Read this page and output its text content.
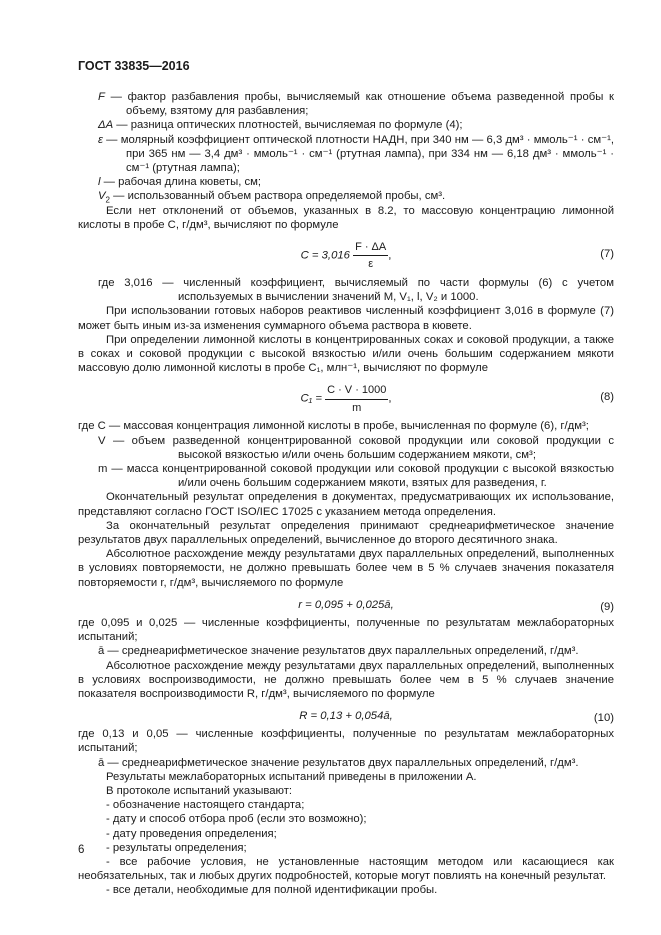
ГОСТ 33835—2016

F — фактор разбавления пробы, вычисляемый как отношение объема разведенной пробы к объему, взятому для разбавления;

ΔA — разница оптических плотностей, вычисляемая по формуле (4);

ε — молярный коэффициент оптической плотности НАДН, при 340 нм — 6,3 дм³ · ммоль⁻¹ · см⁻¹, при 365 нм — 3,4 дм³ · ммоль⁻¹ · см⁻¹ (ртутная лампа), при 334 нм — 6,18 дм³ · ммоль⁻¹ · см⁻¹ (ртутная лампа);

l — рабочая длина кюветы, см;

$V_2$ — использованный объем раствора определяемой пробы, см³.

Если нет отклонений от объемов, указанных в 8.2, то массовую концентрацию лимонной кислоты в пробе C, г/дм³, вычисляют по формуле

$C = 3,016 \frac{F \cdot \Delta A}{\varepsilon}$ ,	(7)

где 3,016 — численный коэффициент, вычисляемый по части формулы (6) с учетом используемых в вычислении значений M, V₁, l, V₂ и 1000.

При использовании готовых наборов реактивов численный коэффициент 3,016 в формуле (7) может быть иным из-за изменения суммарного объема раствора в кювете.

При определении лимонной кислоты в концентрированных соках и соковой продукции, а также в соках и соковой продукции с высокой вязкостью и/или очень большим содержанием мякоти массовую долю лимонной кислоты в пробе C₁, млн⁻¹, вычисляют по формуле

$C_1 = \frac{C \cdot V \cdot 1000}{m}$ ,	(8)

где C — массовая концентрация лимонной кислоты в пробе, вычисленная по формуле (6), г/дм³;

V — объем разведенной концентрированной соковой продукции или соковой продукции с высокой вязкостью и/или очень большим содержанием мякоти, см³;

m — масса концентрированной соковой продукции или соковой продукции с высокой вязкостью и/или очень большим содержанием мякоти, взятых для разведения, г.

Окончательный результат определения в документах, предусматривающих их использование, представляют согласно ГОСТ ISO/IEC 17025 с указанием метода определения.

За окончательный результат определения принимают среднеарифметическое значение результатов двух параллельных определений, вычисленное до второго десятичного знака.

Абсолютное расхождение между результатами двух параллельных определений, выполненных в условиях повторяемости, не должно превышать более чем в 5 % случаев значения показателя повторяемости r, г/дм³, вычисляемого по формуле

r = 0,095 + 0,025ā,	(9)

где 0,095 и 0,025 — численные коэффициенты, полученные по результатам межлабораторных испытаний;

ā — среднеарифметическое значение результатов двух параллельных определений, г/дм³.

Абсолютное расхождение между результатами двух параллельных определений, выполненных в условиях воспроизводимости, не должно превышать более чем в 5 % случаев значение показателя воспроизводимости R, г/дм³, вычисляемого по формуле

R = 0,13 + 0,054ā,	(10)

где 0,13 и 0,05 — численные коэффициенты, полученные по результатам межлабораторных испытаний;

ā — среднеарифметическое значение результатов двух параллельных определений, г/дм³.

Результаты межлабораторных испытаний приведены в приложении А.

В протоколе испытаний указывают:

- обозначение настоящего стандарта;

- дату и способ отбора проб (если это возможно);

- дату проведения определения;

- результаты определения;

- все рабочие условия, не установленные настоящим методом или касающиеся как необязательных, так и любых других подробностей, которые могут повлиять на конечный результат.

- все детали, необходимые для полной идентификации пробы.

6
